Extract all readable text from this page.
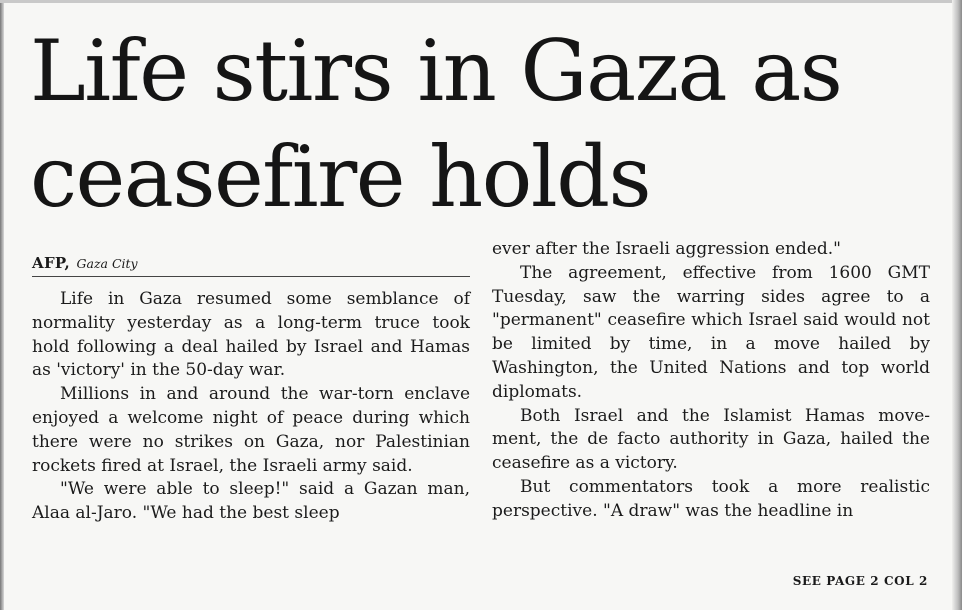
Life stirs in Gaza as
ceasefire holds
AFP, Gaza City

Life in Gaza resumed some semblance of normality yesterday as a long-term truce took hold following a deal hailed by Israel and Hamas as 'victory' in the 50-day war.

Millions in and around the war-torn enclave enjoyed a welcome night of peace during which there were no strikes on Gaza, nor Palestinian rockets fired at Israel, the Israeli army said.

"We were able to sleep!" said a Gazan man, Alaa al-Jaro. "We had the best sleep

ever after the Israeli aggression ended."

The agreement, effective from 1600 GMT Tuesday, saw the warring sides agree to a "permanent" ceasefire which Israel said would not be limited by time, in a move hailed by Washington, the United Nations and top world diplomats.

Both Israel and the Islamist Hamas move-ment, the de facto authority in Gaza, hailed the ceasefire as a victory.

But commentators took a more realistic perspective. "A draw" was the headline in

SEE PAGE 2 COL 2
